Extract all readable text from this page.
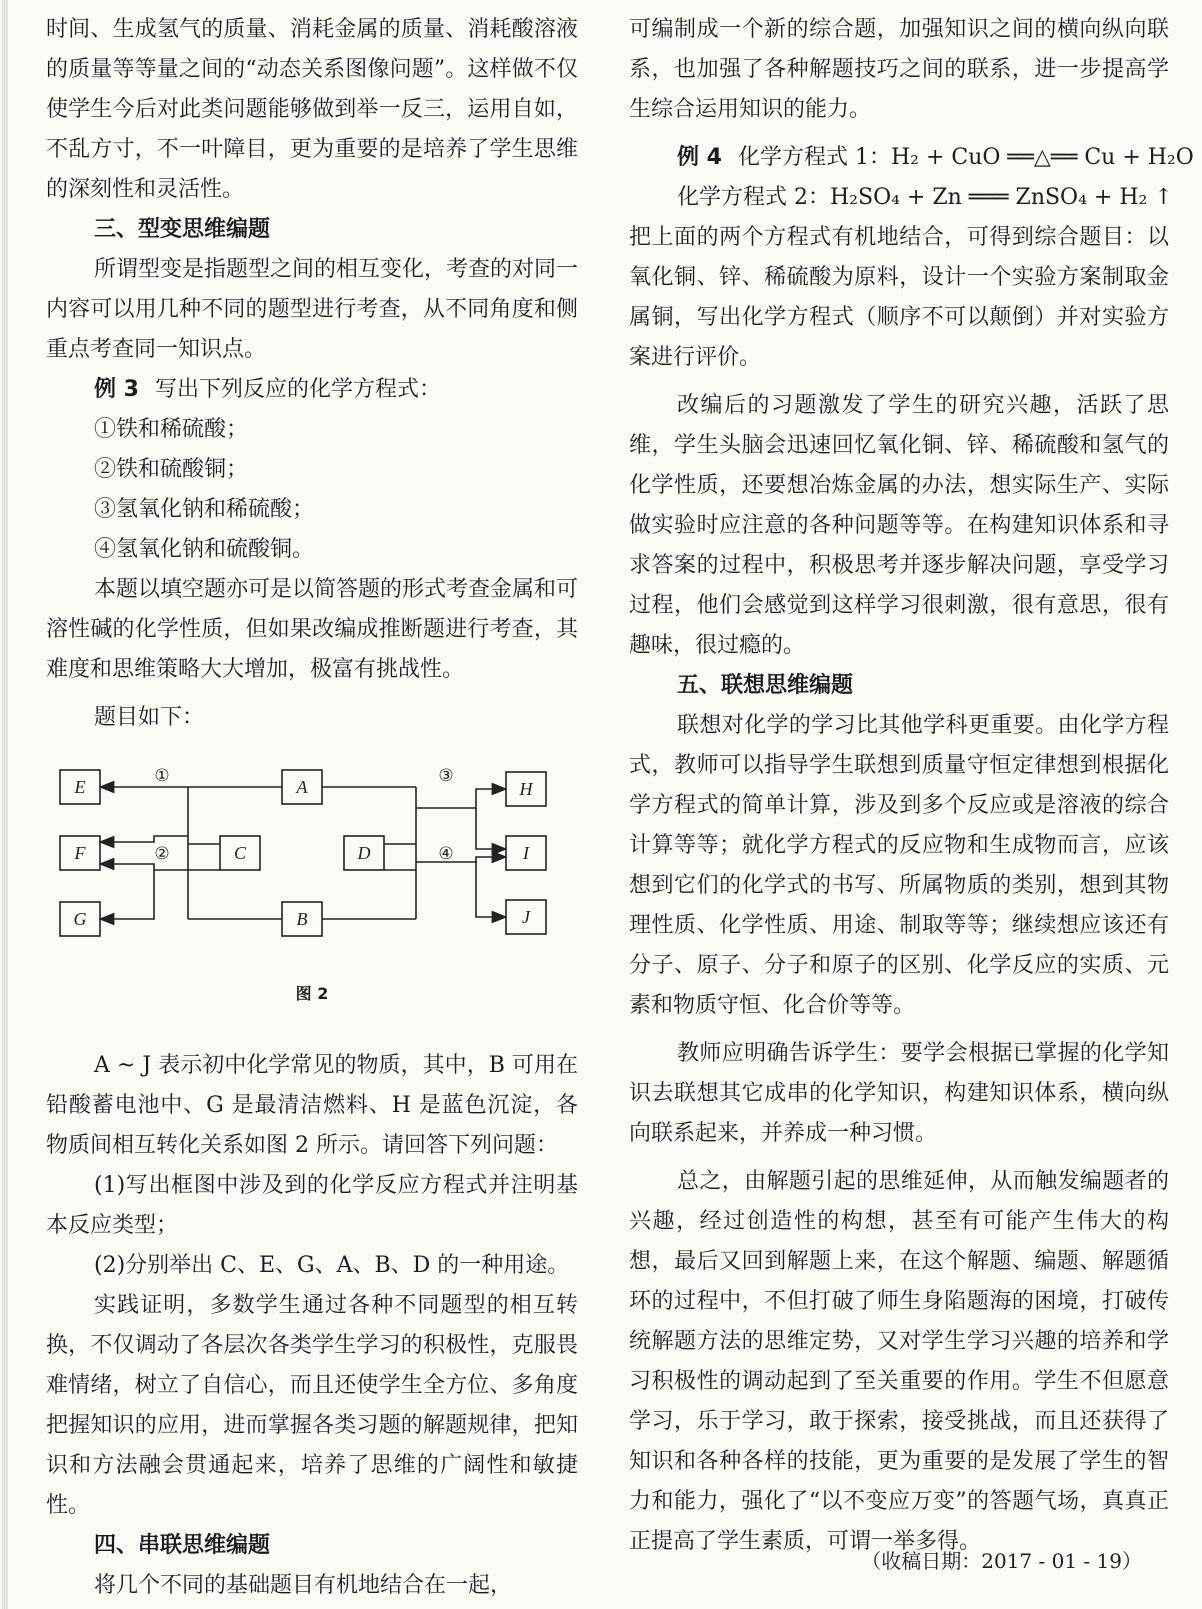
时间、生成氢气的质量、消耗金属的质量、消耗酸溶液的质量等等量之间的“动态关系图像问题”。这样做不仅使学生今后对此类问题能够做到举一反三，运用自如，不乱方寸，不一叶障目，更为重要的是培养了学生思维的深刻性和灵活性。

三、型变思维编题

所谓型变是指题型之间的相互变化，考查的对同一内容可以用几种不同的题型进行考查，从不同角度和侧重点考查同一知识点。

例 3 写出下列反应的化学方程式：

①铁和稀硫酸；

②铁和硫酸铜；

③氢氧化钠和稀硫酸；

④氢氧化钠和硫酸铜。

本题以填空题亦可是以简答题的形式考查金属和可溶性碱的化学性质，但如果改编成推断题进行考查，其难度和思维策略大大增加，极富有挑战性。

题目如下：

E
F
G
A
C	D
B
H
I
J
①
②
③
④

图 2

A ~ J 表示初中化学常见的物质，其中，B 可用在铅酸蓄电池中、G 是最清洁燃料、H 是蓝色沉淀，各物质间相互转化关系如图 2 所示。请回答下列问题：

(1)写出框图中涉及到的化学反应方程式并注明基本反应类型；

(2)分别举出 C、E、G、A、B、D 的一种用途。

实践证明，多数学生通过各种不同题型的相互转换，不仅调动了各层次各类学生学习的积极性，克服畏难情绪，树立了自信心，而且还使学生全方位、多角度把握知识的应用，进而掌握各类习题的解题规律，把知识和方法融会贯通起来，培养了思维的广阔性和敏捷性。

四、串联思维编题

将几个不同的基础题目有机地结合在一起，

可编制成一个新的综合题，加强知识之间的横向纵向联系，也加强了各种解题技巧之间的联系，进一步提高学生综合运用知识的能力。

例 4 化学方程式 1：H₂ + CuO ══△══ Cu + H₂O

化学方程式 2：H₂SO₄ + Zn ═══ ZnSO₄ + H₂ ↑

把上面的两个方程式有机地结合，可得到综合题目：以氧化铜、锌、稀硫酸为原料，设计一个实验方案制取金属铜，写出化学方程式（顺序不可以颠倒）并对实验方案进行评价。

改编后的习题激发了学生的研究兴趣，活跃了思维，学生头脑会迅速回忆氧化铜、锌、稀硫酸和氢气的化学性质，还要想冶炼金属的办法，想实际生产、实际做实验时应注意的各种问题等等。在构建知识体系和寻求答案的过程中，积极思考并逐步解决问题，享受学习过程，他们会感觉到这样学习很刺激，很有意思，很有趣味，很过瘾的。

五、联想思维编题

联想对化学的学习比其他学科更重要。由化学方程式，教师可以指导学生联想到质量守恒定律想到根据化学方程式的简单计算，涉及到多个反应或是溶液的综合计算等等；就化学方程式的反应物和生成物而言，应该想到它们的化学式的书写、所属物质的类别，想到其物理性质、化学性质、用途、制取等等；继续想应该还有分子、原子、分子和原子的区别、化学反应的实质、元素和物质守恒、化合价等等。

教师应明确告诉学生：要学会根据已掌握的化学知识去联想其它成串的化学知识，构建知识体系，横向纵向联系起来，并养成一种习惯。

总之，由解题引起的思维延伸，从而触发编题者的兴趣，经过创造性的构想，甚至有可能产生伟大的构想，最后又回到解题上来，在这个解题、编题、解题循环的过程中，不但打破了师生身陷题海的困境，打破传统解题方法的思维定势，又对学生学习兴趣的培养和学习积极性的调动起到了至关重要的作用。学生不但愿意学习，乐于学习，敢于探索，接受挑战，而且还获得了知识和各种各样的技能，更为重要的是发展了学生的智力和能力，强化了“以不变应万变”的答题气场，真真正正提高了学生素质，可谓一举多得。

（收稿日期：2017 - 01 - 19）
